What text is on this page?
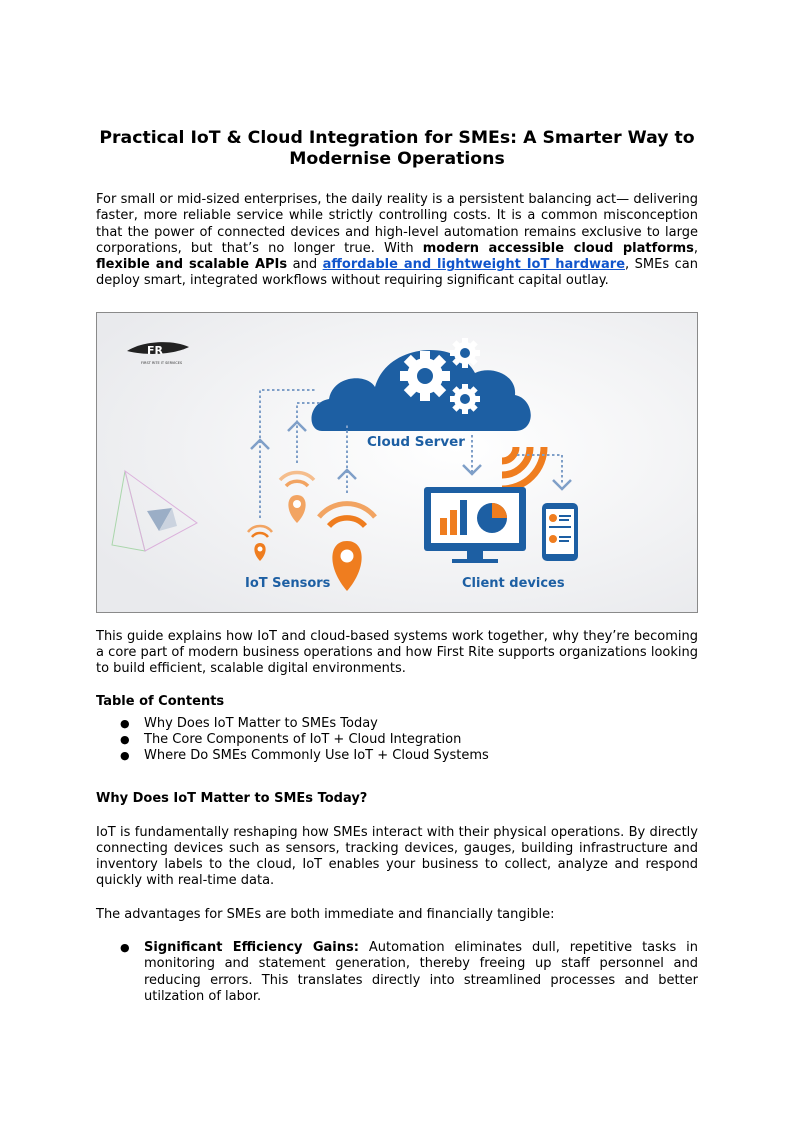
Practical IoT & Cloud Integration for SMEs: A Smarter Way to Modernise Operations

For small or mid-sized enterprises, the daily reality is a persistent balancing act— delivering faster, more reliable service while strictly controlling costs. It is a common misconception that the power of connected devices and high-level automation remains exclusive to large corporations, but that’s no longer true. With modern accessible cloud platforms, flexible and scalable APIs and affordable and lightweight IoT hardware, SMEs can deploy smart, integrated workflows without requiring significant capital outlay.

FR
FIRST RITE IT SERVICES
Cloud Server
IoT Sensors	Client devices

This guide explains how IoT and cloud-based systems work together, why they’re becoming a core part of modern business operations and how First Rite supports organizations looking to build efficient, scalable digital environments.

Table of Contents
● Why Does IoT Matter to SMEs Today
● The Core Components of IoT + Cloud Integration
● Where Do SMEs Commonly Use IoT + Cloud Systems
Why Does IoT Matter to SMEs Today?

IoT is fundamentally reshaping how SMEs interact with their physical operations. By directly connecting devices such as sensors, tracking devices, gauges, building infrastructure and inventory labels to the cloud, IoT enables your business to collect, analyze and respond quickly with real-time data.

The advantages for SMEs are both immediate and financially tangible:

● Significant Efficiency Gains: Automation eliminates dull, repetitive tasks in monitoring and statement generation, thereby freeing up staff personnel and reducing errors. This translates directly into streamlined processes and better utilzation of labor.
